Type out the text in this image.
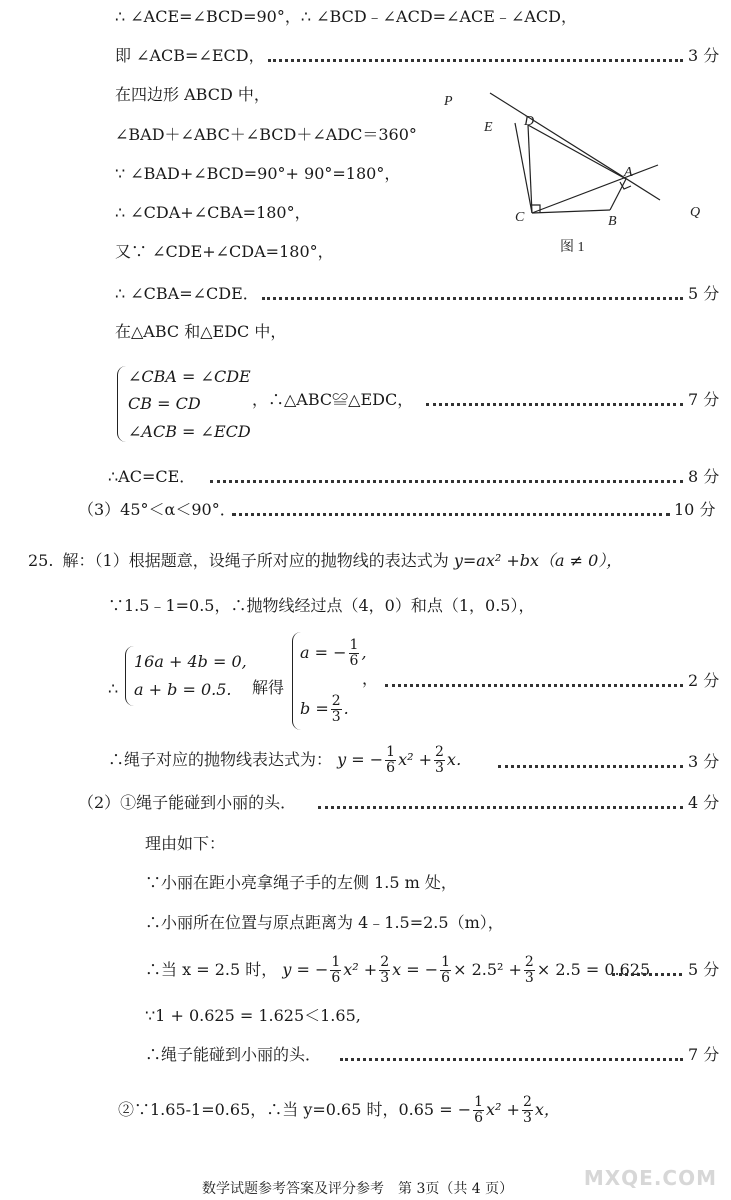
∴ ∠ACE=∠BCD=90°，∴ ∠BCD﹣∠ACD=∠ACE﹣∠ACD，
即 ∠ACB=∠ECD，	3 分
在四边形 ABCD 中，
∠BAD＋∠ABC＋∠BCD＋∠ADC＝360°
∵ ∠BAD+∠BCD=90°+ 90°=180°，
∴ ∠CDA+∠CBA=180°，
又∵ ∠CDE+∠CDA=180°，
∴ ∠CBA=∠CDE．	5 分
在△ABC 和△EDC 中，
∠CBA = ∠CDE
CB = CD
∠ACB = ∠ECD
，∴△ABC≌△EDC，	7 分
∴AC=CE．	8 分
（3）45°＜α＜90°．	10 分
P
E D
A
C	B
Q
图 1
25. 解：（1）根据题意，设绳子所对应的抛物线的表达式为 y=ax² +bx（a ≠ 0），
∵1.5﹣1=0.5，∴抛物线经过点（4，0）和点（1，0.5），
∴
16a + 4b = 0,
a + b = 0.5. 解得
a = − $\frac{1}{6}$ ,
$b = \frac{2}{3}$ .
，	2 分
∴绳子对应的抛物线表达式为： y = − $\frac{1}{6} x^2 + \frac{2}{3}$ x．	3 分
（2）①绳子能碰到小丽的头．	4 分
理由如下：
∵小丽在距小亮拿绳子手的左侧 1.5 m 处，
∴小丽所在位置与原点距离为 4﹣1.5=2.5（m），
∴当 x = 2.5 时， y = − $\frac{1}{6} x^2 + \frac{2}{3}$ x = − $\frac{1}{6} \times 2.5^2 + \frac{2}{3} \times 2.5 = 0.625$ 5 分
∵1 + 0.625 = 1.625＜1.65,
∴绳子能碰到小丽的头．	7 分
②∵1.65-1=0.65，∴当 y=0.65 时，0.65 = − $\frac{1}{6} x^2 + \frac{2}{3}$ x，
数学试题参考答案及评分参考　第 3页（共 4 页）	MXQE.COM
